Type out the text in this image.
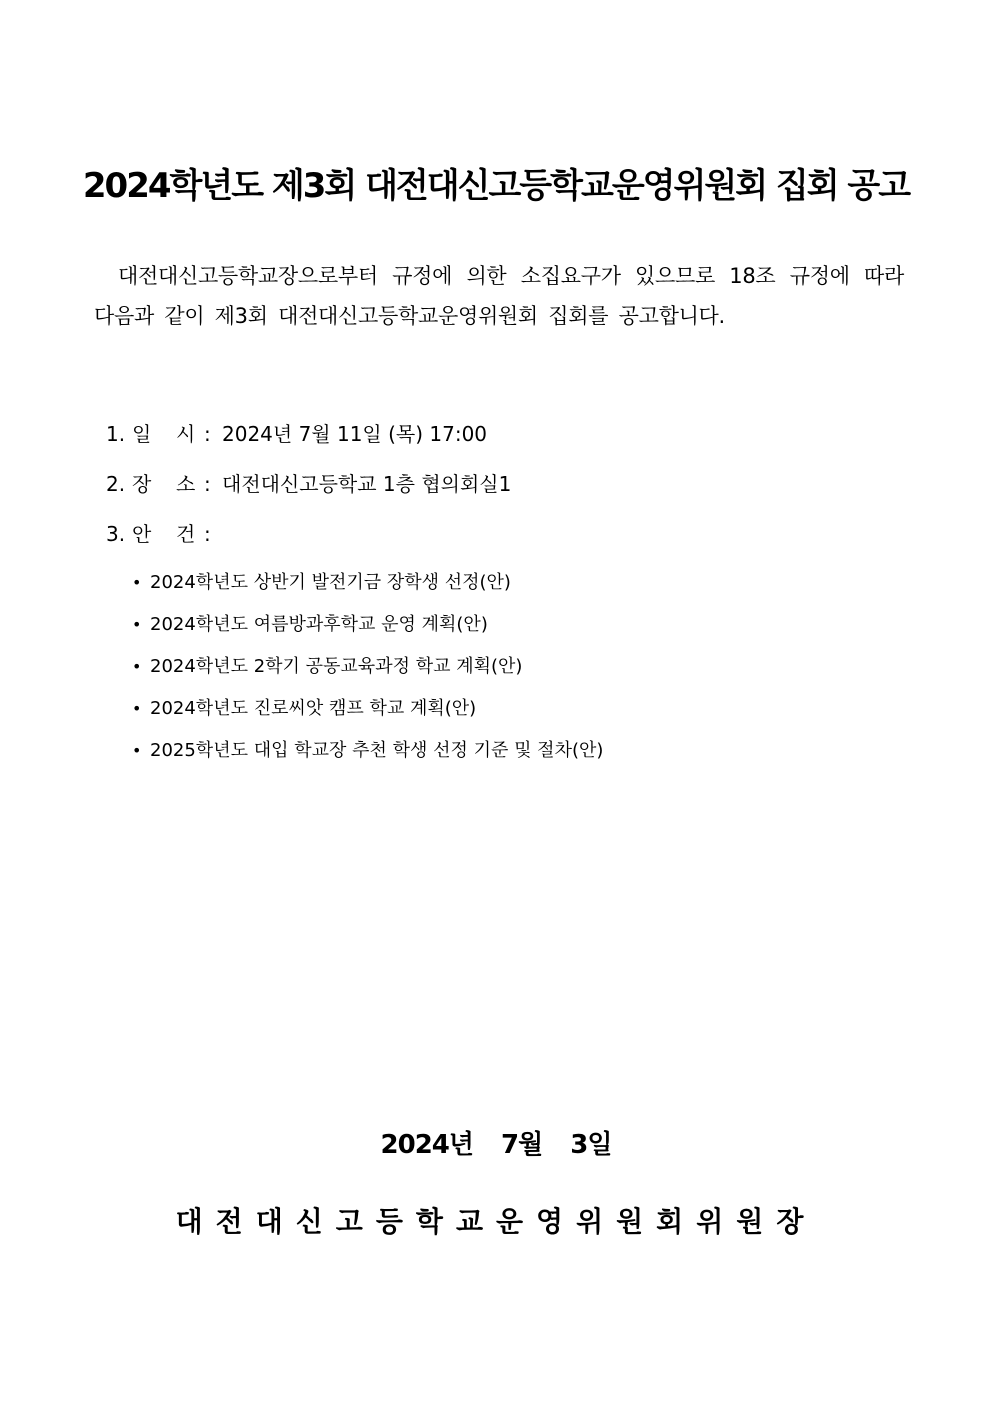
2024학년도 제3회 대전대신고등학교운영위원회 집회 공고
대전대신고등학교장으로부터 규정에 의한 소집요구가 있으므로 18조 규정에 따라 다음과 같이 제3회 대전대신고등학교운영위원회 집회를 공고합니다.
1. 일 시 : 2024년 7월 11일 (목) 17:00
2. 장 소 : 대전대신고등학교 1층 협의회실1
3. 안 건 :
• 2024학년도 상반기 발전기금 장학생 선정(안)
• 2024학년도 여름방과후학교 운영 계획(안)
• 2024학년도 2학기 공동교육과정 학교 계획(안)
• 2024학년도 진로씨앗 캠프 학교 계획(안)
• 2025학년도 대입 학교장 추천 학생 선정 기준 및 절차(안)
2024년 7월 3일
대전대신고등학교운영위원회위원장
